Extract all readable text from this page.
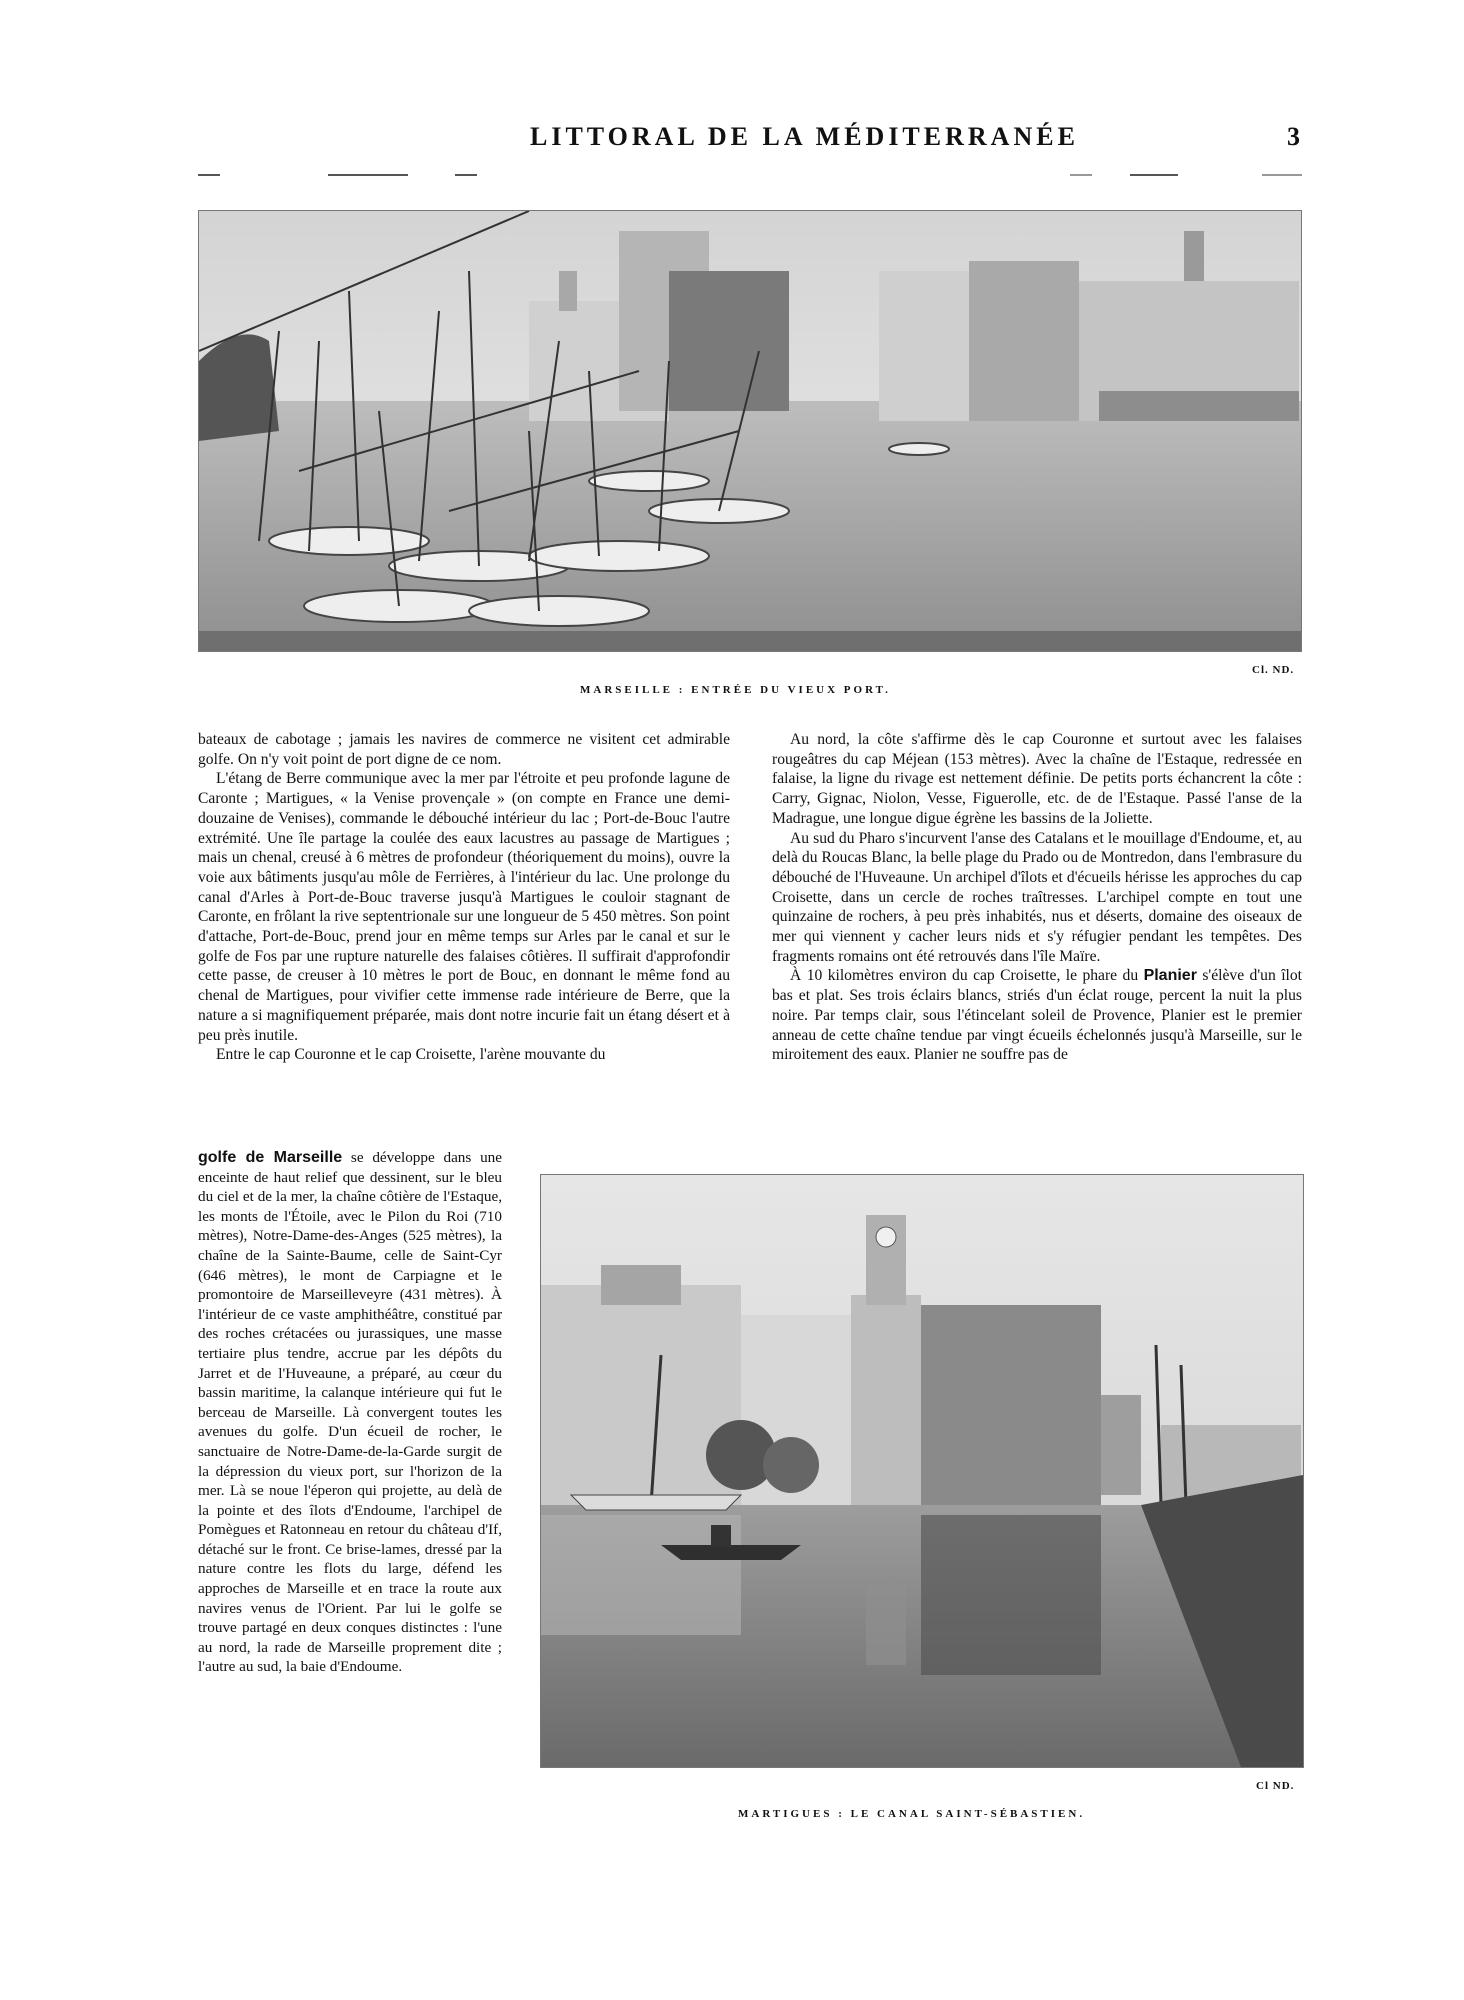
LITTORAL DE LA MÉDITERRANÉE	3
MARSEILLE : ENTRÉE DU VIEUX PORT.
Cl. ND.

bateaux de cabotage ; jamais les navires de commerce ne visitent cet admirable golfe. On n'y voit point de port digne de ce nom.

L'étang de Berre communique avec la mer par l'étroite et peu profonde lagune de Caronte ; Martigues, « la Venise provençale » (on compte en France une demi-douzaine de Venises), commande le débouché intérieur du lac ; Port-de-Bouc l'autre extrémité. Une île partage la coulée des eaux lacustres au passage de Martigues ; mais un chenal, creusé à 6 mètres de profondeur (théoriquement du moins), ouvre la voie aux bâtiments jusqu'au môle de Ferrières, à l'intérieur du lac. Une prolonge du canal d'Arles à Port-de-Bouc traverse jusqu'à Martigues le couloir stagnant de Caronte, en frôlant la rive septentrionale sur une longueur de 5 450 mètres. Son point d'attache, Port-de-Bouc, prend jour en même temps sur Arles par le canal et sur le golfe de Fos par une rupture naturelle des falaises côtières. Il suffirait d'approfondir cette passe, de creuser à 10 mètres le port de Bouc, en donnant le même fond au chenal de Martigues, pour vivifier cette immense rade intérieure de Berre, que la nature a si magnifiquement préparée, mais dont notre incurie fait un étang désert et à peu près inutile.

Entre le cap Couronne et le cap Croisette, l'arène mouvante du

golfe de Marseille se développe dans une enceinte de haut relief que dessinent, sur le bleu du ciel et de la mer, la chaîne côtière de l'Estaque, les monts de l'Étoile, avec le Pilon du Roi (710 mètres), Notre-Dame-des-Anges (525 mètres), la chaîne de la Sainte-Baume, celle de Saint-Cyr (646 mètres), le mont de Carpiagne et le promontoire de Marseilleveyre (431 mètres). À l'intérieur de ce vaste amphithéâtre, constitué par des roches crétacées ou jurassiques, une masse tertiaire plus tendre, accrue par les dépôts du Jarret et de l'Huveaune, a préparé, au cœur du bassin maritime, la calanque intérieure qui fut le berceau de Marseille. Là convergent toutes les avenues du golfe. D'un écueil de rocher, le sanctuaire de Notre-Dame-de-la-Garde surgit de la dépression du vieux port, sur l'horizon de la mer. Là se noue l'éperon qui projette, au delà de la pointe et des îlots d'Endoume, l'archipel de Pomègues et Ratonneau en retour du château d'If, détaché sur le front. Ce brise-lames, dressé par la nature contre les flots du large, défend les approches de Marseille et en trace la route aux navires venus de l'Orient. Par lui le golfe se trouve partagé en deux conques distinctes : l'une au nord, la rade de Marseille proprement dite ; l'autre au sud, la baie d'Endoume.

Au nord, la côte s'affirme dès le cap Couronne et surtout avec les falaises rougeâtres du cap Méjean (153 mètres). Avec la chaîne de l'Estaque, redressée en falaise, la ligne du rivage est nettement définie. De petits ports échancrent la côte : Carry, Gignac, Niolon, Vesse, Figuerolle, etc. de de l'Estaque. Passé l'anse de la Madrague, une longue digue égrène les bassins de la Joliette.

Au sud du Pharo s'incurvent l'anse des Catalans et le mouillage d'Endoume, et, au delà du Roucas Blanc, la belle plage du Prado ou de Montredon, dans l'embrasure du débouché de l'Huveaune. Un archipel d'îlots et d'écueils hérisse les approches du cap Croisette, dans un cercle de roches traîtresses. L'archipel compte en tout une quinzaine de rochers, à peu près inhabités, nus et déserts, domaine des oiseaux de mer qui viennent y cacher leurs nids et s'y réfugier pendant les tempêtes. Des fragments romains ont été retrouvés dans l'île Maïre.

À 10 kilomètres environ du cap Croisette, le phare du Planier s'élève d'un îlot bas et plat. Ses trois éclairs blancs, striés d'un éclat rouge, percent la nuit la plus noire. Par temps clair, sous l'étincelant soleil de Provence, Planier est le premier anneau de cette chaîne tendue par vingt écueils échelonnés jusqu'à Marseille, sur le miroitement des eaux. Planier ne souffre pas de

Cl ND.
MARTIGUES : LE CANAL SAINT-SÉBASTIEN.
